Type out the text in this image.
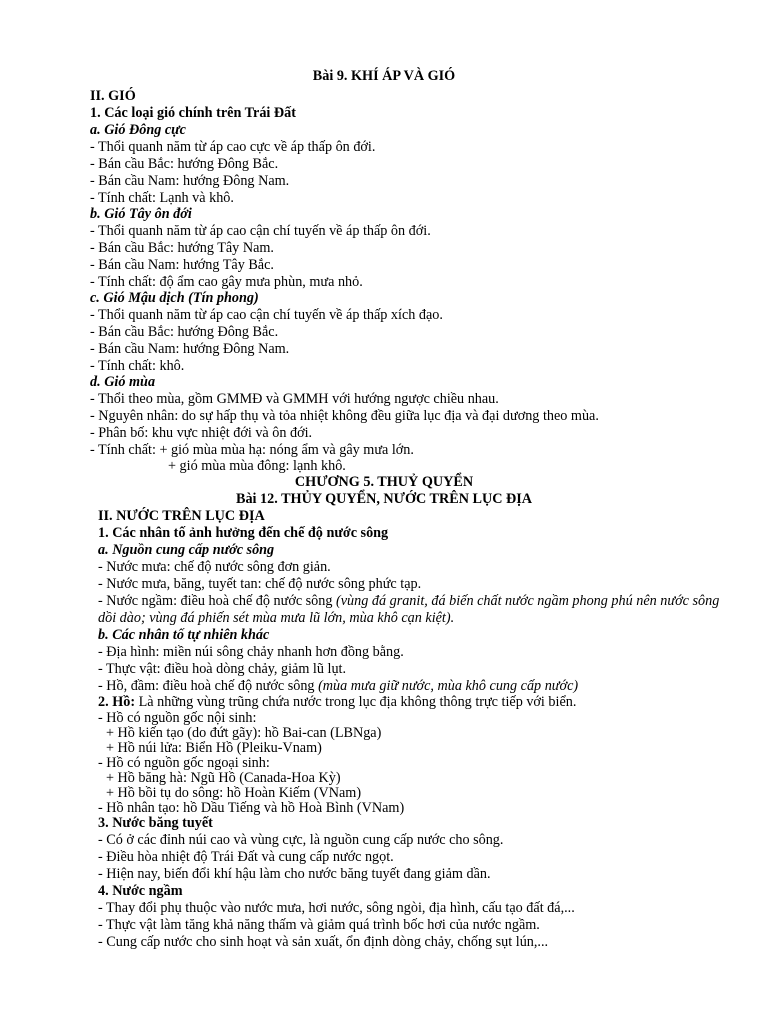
Bài 9. KHÍ ÁP VÀ GIÓ
II. GIÓ
1. Các loại gió chính trên Trái Đất
a. Gió Đông cực
- Thổi quanh năm từ áp cao cực về áp thấp ôn đới.
- Bán cầu Bắc: hướng Đông Bắc.
- Bán cầu Nam: hướng Đông Nam.
- Tính chất: Lạnh và khô.
b. Gió Tây ôn đới
- Thổi quanh năm từ áp cao cận chí tuyến về áp thấp ôn đới.
- Bán cầu Bắc: hướng Tây Nam.
- Bán cầu Nam: hướng Tây Bắc.
- Tính chất: độ ẩm cao gây mưa phùn, mưa nhỏ.
c. Gió Mậu dịch (Tín phong)
- Thổi quanh năm từ áp cao cận chí tuyến về áp thấp xích đạo.
- Bán cầu Bắc: hướng Đông Bắc.
- Bán cầu Nam: hướng Đông Nam.
- Tính chất: khô.
d. Gió mùa
- Thổi theo mùa, gồm GMMĐ và GMMH với hướng ngược chiều nhau.
- Nguyên nhân: do sự hấp thụ và tỏa nhiệt không đều giữa lục địa và đại dương theo mùa.
- Phân bố: khu vực nhiệt đới và ôn đới.
- Tính chất: + gió mùa mùa hạ: nóng ẩm và gây mưa lớn.
+ gió mùa mùa đông: lạnh khô.
CHƯƠNG 5. THUỶ QUYỂN
Bài 12. THỦY QUYỂN, NƯỚC TRÊN LỤC ĐỊA
II. NƯỚC TRÊN LỤC ĐỊA
1. Các nhân tố ảnh hưởng đến chế độ nước sông
a. Nguồn cung cấp nước sông
- Nước mưa: chế độ nước sông đơn giản.
- Nước mưa, băng, tuyết tan: chế độ nước sông phức tạp.
- Nước ngầm: điều hoà chế độ nước sông (vùng đá granit, đá biến chất nước ngầm phong phú nên nước sông dồi dào; vùng đá phiến sét mùa mưa lũ lớn, mùa khô cạn kiệt).
b. Các nhân tố tự nhiên khác
- Địa hình: miền núi sông chảy nhanh hơn đồng bằng.
- Thực vật: điều hoà dòng chảy, giảm lũ lụt.
- Hồ, đầm: điều hoà chế độ nước sông (mùa mưa giữ nước, mùa khô cung cấp nước)
2. Hồ: Là những vùng trũng chứa nước trong lục địa không thông trực tiếp với biển.
- Hồ có nguồn gốc nội sinh:
+ Hồ kiến tạo (do đứt gãy): hồ Bai-can (LBNga)
+ Hồ núi lửa: Biển Hồ (Pleiku-Vnam)
- Hồ có nguồn gốc ngoại sinh:
+ Hồ băng hà: Ngũ Hồ (Canada-Hoa Kỳ)
+ Hồ bồi tụ do sông: hồ Hoàn Kiếm (VNam)
- Hồ nhân tạo: hồ Dầu Tiếng và hồ Hoà Bình (VNam)
3. Nước băng tuyết
- Có ở các đỉnh núi cao và vùng cực, là nguồn cung cấp nước cho sông.
- Điều hòa nhiệt độ Trái Đất và cung cấp nước ngọt.
- Hiện nay, biến đổi khí hậu làm cho nước băng tuyết đang giảm dần.
4. Nước ngầm
- Thay đổi phụ thuộc vào nước mưa, hơi nước, sông ngòi, địa hình, cấu tạo đất đá,...
- Thực vật làm tăng khả năng thấm và giảm quá trình bốc hơi của nước ngầm.
- Cung cấp nước cho sinh hoạt và sản xuất, ổn định dòng chảy, chống sụt lún,...
